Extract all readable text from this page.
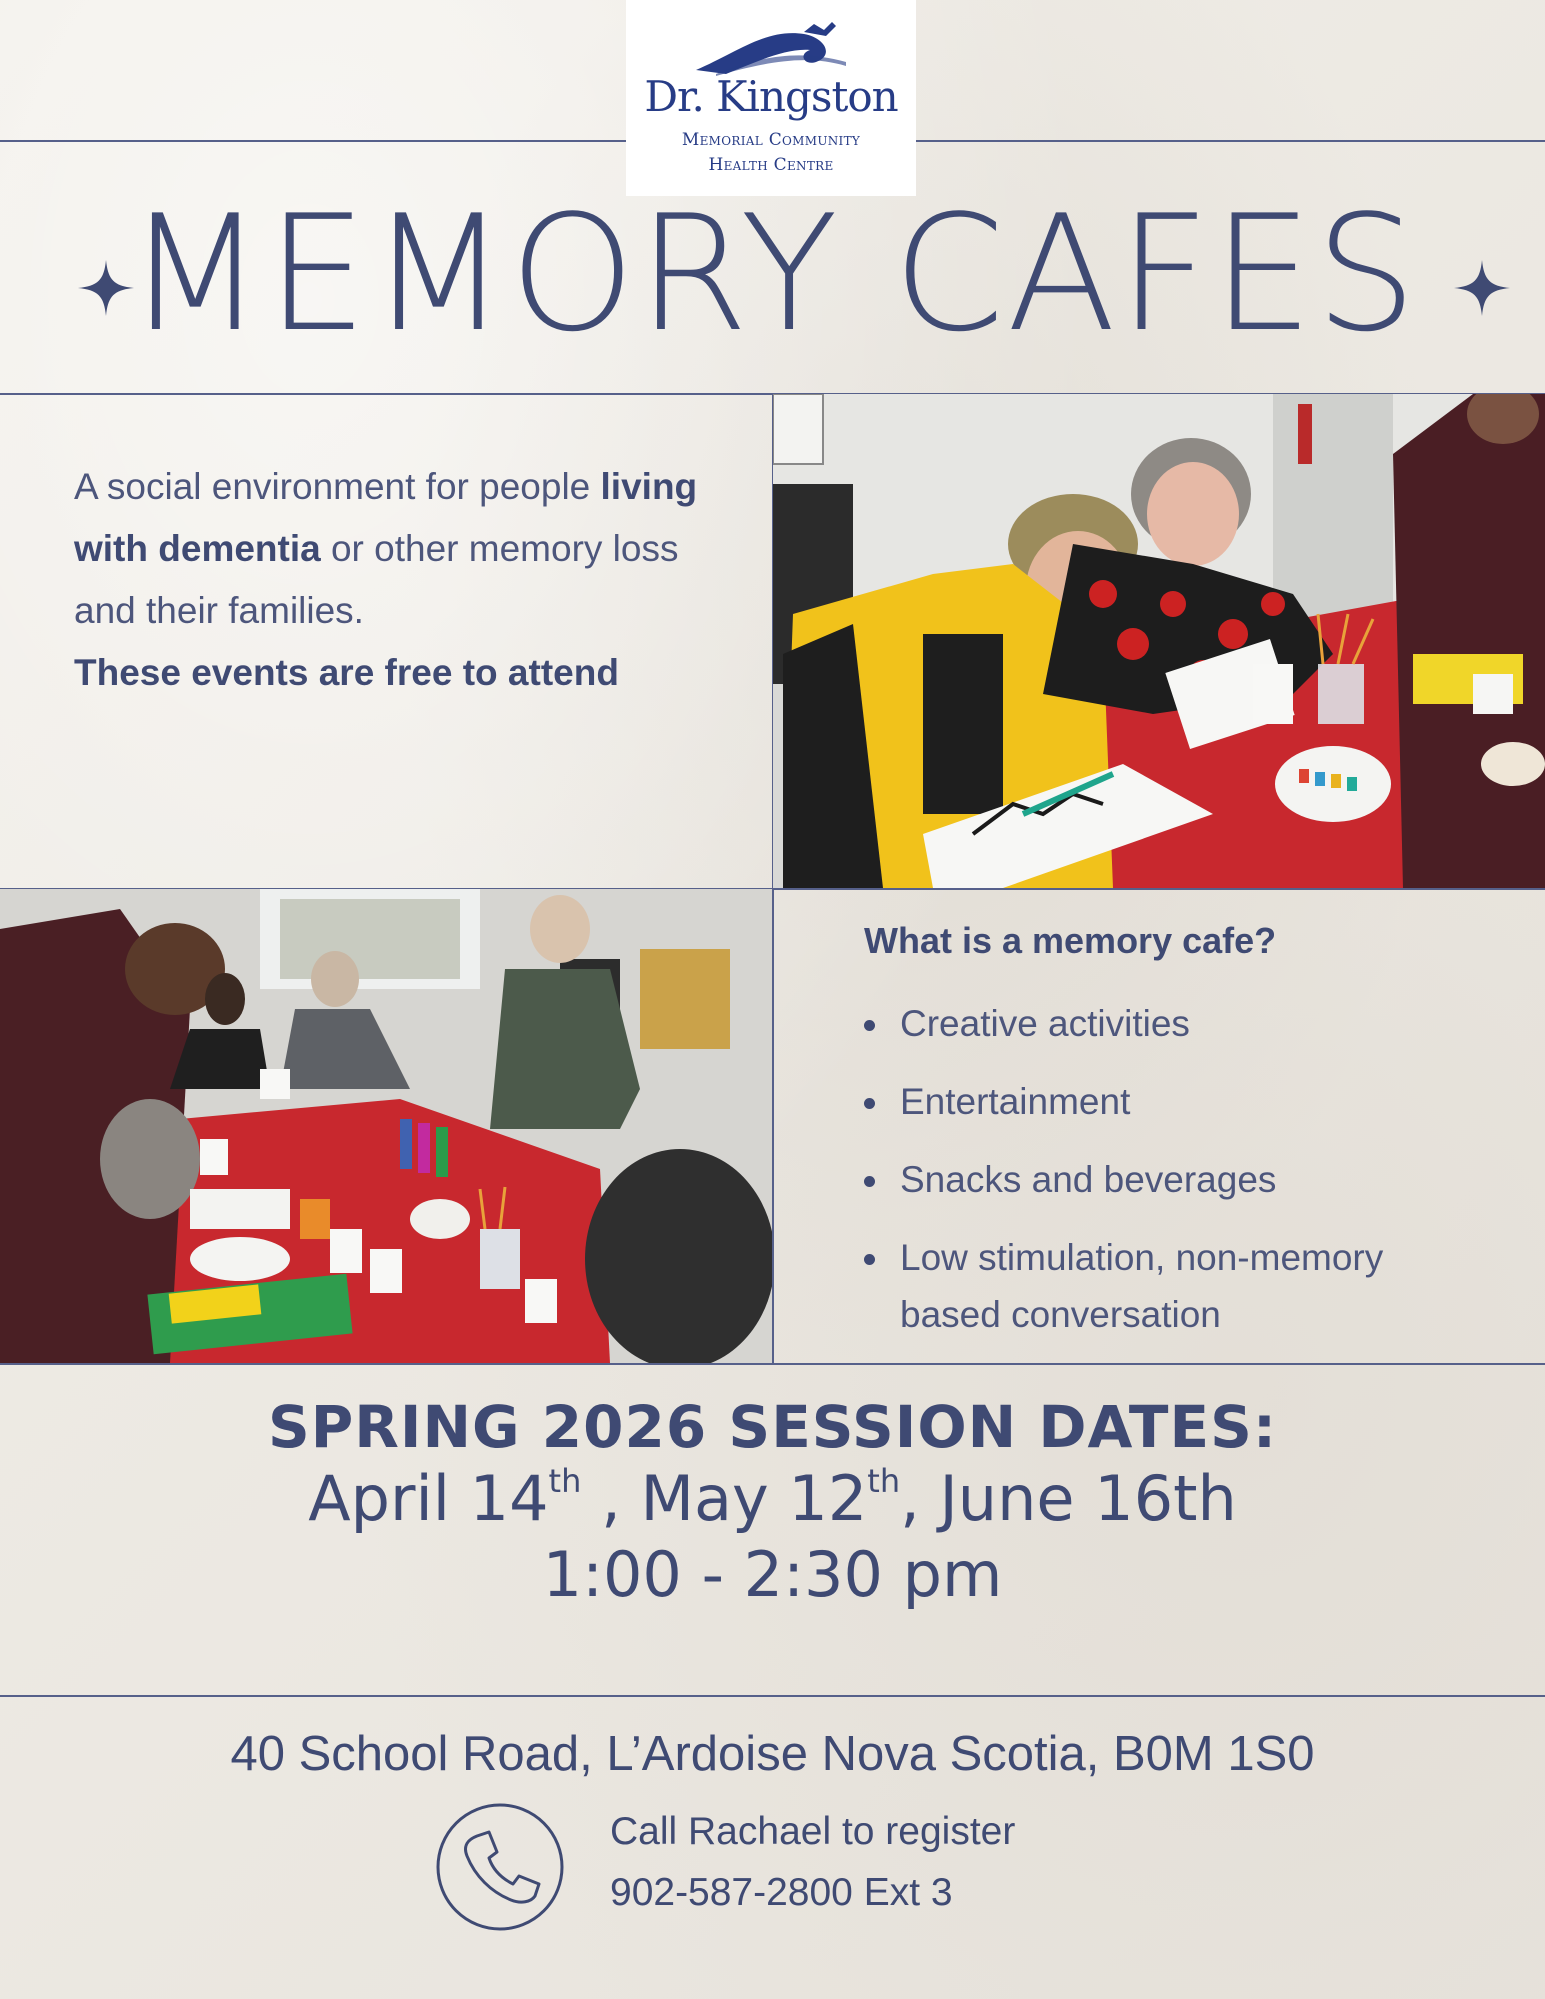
Dr. Kingston
Memorial Community
Health Centre
MEMORY CAFES
A social environment for people living with dementia or other memory loss and their families.
These events are free to attend
What is a memory cafe?
Creative activities
Entertainment
Snacks and beverages
Low stimulation, non-memory based conversation
SPRING 2026 SESSION DATES:
April 14th , May 12th, June 16th
1:00 - 2:30 pm
40 School Road, L’Ardoise Nova Scotia, B0M 1S0
Call Rachael to register
902-587-2800 Ext 3
